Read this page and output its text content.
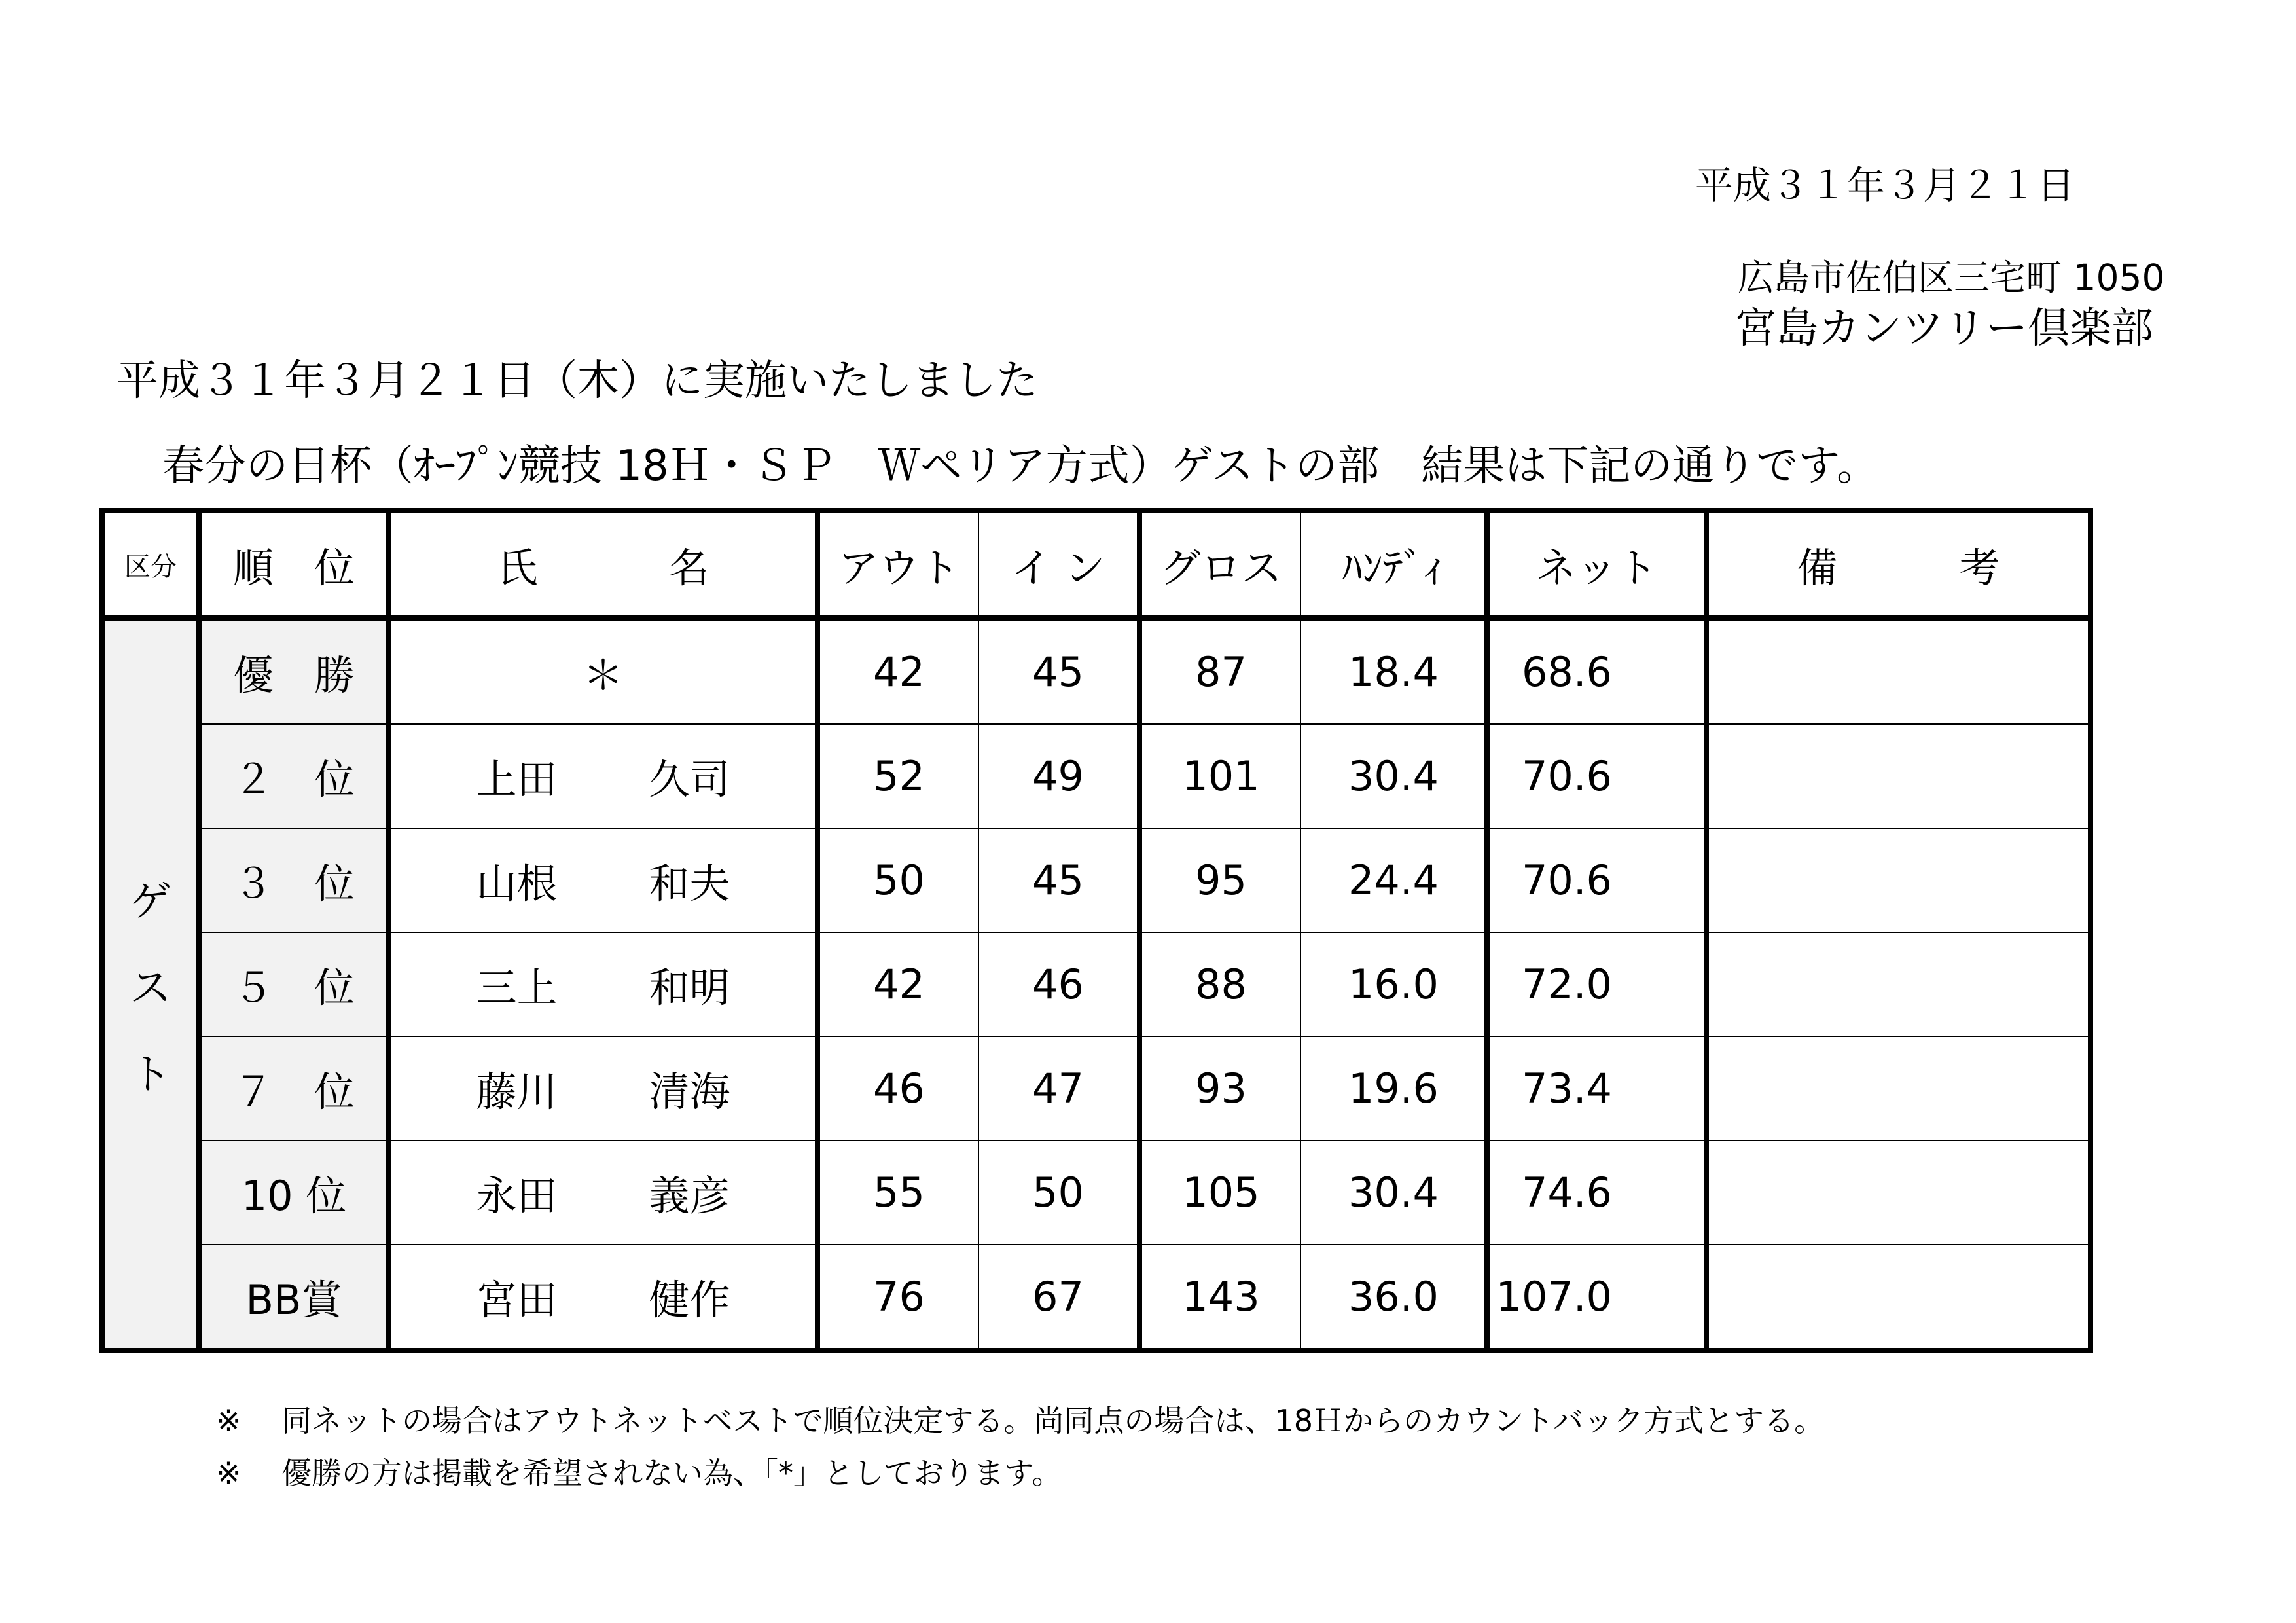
平成３１年３月２１日
広島市佐伯区三宅町 1050
宮島カンツリー倶楽部
平成３１年３月２１日（木）に実施いたしました
春分の日杯（ｵｰﾌﾟﾝ競技 18Ｈ・ＳＰ　Ｗペリア方式）ゲストの部　結果は下記の通りです。
区分	順　位	氏 名	アウト	イ ン	グロス	ﾊﾝﾃﾞｨ	ネット	備　　　考

ゲ
ス
ト	優　勝	＊	42	45	87	18.4	68.6	
	２　位	上田 久司	52	49	101	30.4	70.6	
	３　位	山根 和夫	50	45	95	24.4	70.6	
	５　位	三上 和明	42	46	88	16.0	72.0	
	７　位	藤川 清海	46	47	93	19.6	73.4	
	10 位	永田 義彦	55	50	105	30.4	74.6	
	BB賞	宮田 健作	76	67	143	36.0	107.0	
※ 同ネットの場合はアウトネットベストで順位決定する。尚同点の場合は、18Ｈからのカウントバック方式とする。
※ 優勝の方は掲載を希望されない為、「*」としております。
